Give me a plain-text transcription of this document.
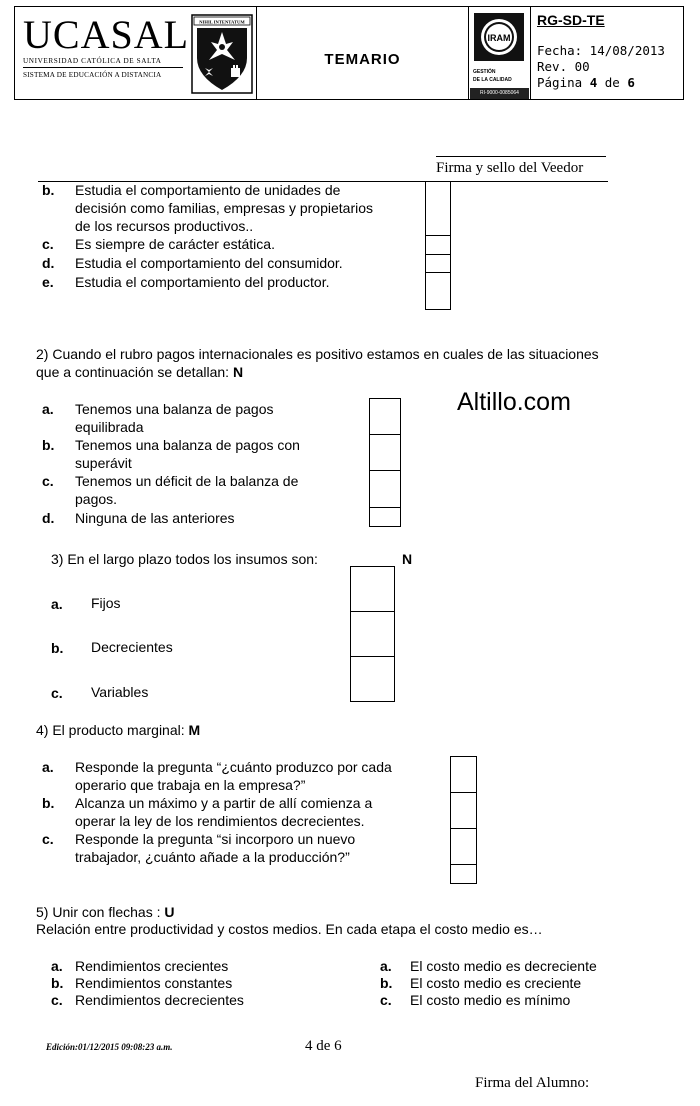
UCASAL
UNIVERSIDAD CATÓLICA DE SALTA
SISTEMA DE EDUCACIÓN A DISTANCIA
NIHIL INTENTATUM
TEMARIO
IRAM
GESTIÓN
DE LA CALIDAD
RI-9000-0085064
RG-SD-TE
Fecha: 14/08/2013
Rev. 00
Página 4 de 6
Firma y sello del Veedor
b. Estudia el comportamiento de unidades de
decisión como familias, empresas y propietarios
de los recursos productivos..
c. Es siempre de carácter estática.
d. Estudia el comportamiento del consumidor.
e. Estudia el comportamiento del productor.
2) Cuando el rubro pagos internacionales es positivo estamos en cuales de las situaciones
que a continuación se detallan: N
a. Tenemos una balanza de pagos
equilibrada
b. Tenemos una balanza de pagos con
superávit
c. Tenemos un déficit de la balanza de
pagos.
d. Ninguna de las anteriores
Altillo.com
3) En el largo plazo todos los insumos son:	N
a. Fijos
b. Decrecientes
c. Variables
4) El producto marginal: M
a. Responde la pregunta “¿cuánto produzco por cada
operario que trabaja en la empresa?”
b. Alcanza un máximo y a partir de allí comienza a
operar la ley de los rendimientos decrecientes.
c. Responde la pregunta “si incorporo un nuevo
trabajador, ¿cuánto añade a la producción?”
5) Unir con flechas : U
Relación entre productividad y costos medios. En cada etapa el costo medio es…
a. Rendimientos crecientes
b. Rendimientos constantes
c. Rendimientos decrecientes
a. El costo medio es decreciente
b. El costo medio es creciente
c. El costo medio es mínimo
Edición:01/12/2015 09:08:23 a.m.	4 de 6
Firma del Alumno:
